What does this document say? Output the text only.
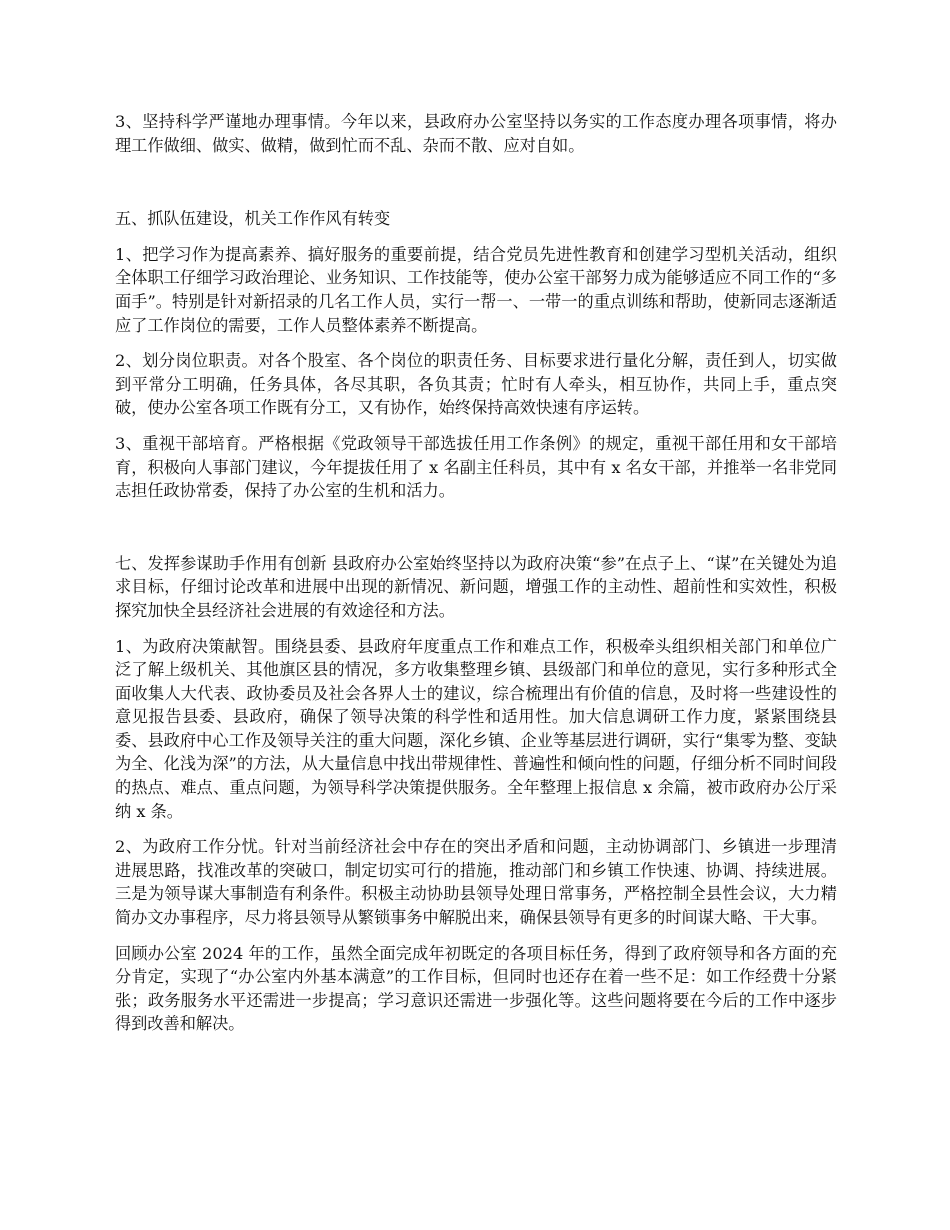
3、坚持科学严谨地办理事情。今年以来，县政府办公室坚持以务实的工作态度办理各项事情，将办理工作做细、做实、做精，做到忙而不乱、杂而不散、应对自如。

五、抓队伍建设，机关工作作风有转变

1、把学习作为提高素养、搞好服务的重要前提，结合党员先进性教育和创建学习型机关活动，组织全体职工仔细学习政治理论、业务知识、工作技能等，使办公室干部努力成为能够适应不同工作的“多面手”。特别是针对新招录的几名工作人员，实行一帮一、一带一的重点训练和帮助，使新同志逐渐适应了工作岗位的需要，工作人员整体素养不断提高。

2、划分岗位职责。对各个股室、各个岗位的职责任务、目标要求进行量化分解，责任到人，切实做到平常分工明确，任务具体，各尽其职，各负其责；忙时有人牵头，相互协作，共同上手，重点突破，使办公室各项工作既有分工，又有协作，始终保持高效快速有序运转。

3、重视干部培育。严格根据《党政领导干部选拔任用工作条例》的规定，重视干部任用和女干部培育，积极向人事部门建议，今年提拔任用了 x 名副主任科员，其中有 x 名女干部，并推举一名非党同志担任政协常委，保持了办公室的生机和活力。

七、发挥参谋助手作用有创新 县政府办公室始终坚持以为政府决策“参”在点子上、“谋”在关键处为追求目标，仔细讨论改革和进展中出现的新情况、新问题，增强工作的主动性、超前性和实效性，积极探究加快全县经济社会进展的有效途径和方法。

1、为政府决策献智。围绕县委、县政府年度重点工作和难点工作，积极牵头组织相关部门和单位广泛了解上级机关、其他旗区县的情况，多方收集整理乡镇、县级部门和单位的意见，实行多种形式全面收集人大代表、政协委员及社会各界人士的建议，综合梳理出有价值的信息，及时将一些建设性的意见报告县委、县政府，确保了领导决策的科学性和适用性。加大信息调研工作力度，紧紧围绕县委、县政府中心工作及领导关注的重大问题，深化乡镇、企业等基层进行调研，实行“集零为整、变缺为全、化浅为深”的方法，从大量信息中找出带规律性、普遍性和倾向性的问题，仔细分析不同时间段的热点、难点、重点问题，为领导科学决策提供服务。全年整理上报信息 x 余篇，被市政府办公厅采纳 x 条。

2、为政府工作分忧。针对当前经济社会中存在的突出矛盾和问题，主动协调部门、乡镇进一步理清进展思路，找准改革的突破口，制定切实可行的措施，推动部门和乡镇工作快速、协调、持续进展。三是为领导谋大事制造有利条件。积极主动协助县领导处理日常事务，严格控制全县性会议，大力精简办文办事程序，尽力将县领导从繁锁事务中解脱出来，确保县领导有更多的时间谋大略、干大事。

回顾办公室 2024 年的工作，虽然全面完成年初既定的各项目标任务，得到了政府领导和各方面的充分肯定，实现了“办公室内外基本满意”的工作目标，但同时也还存在着一些不足：如工作经费十分紧张；政务服务水平还需进一步提高；学习意识还需进一步强化等。这些问题将要在今后的工作中逐步得到改善和解决。
